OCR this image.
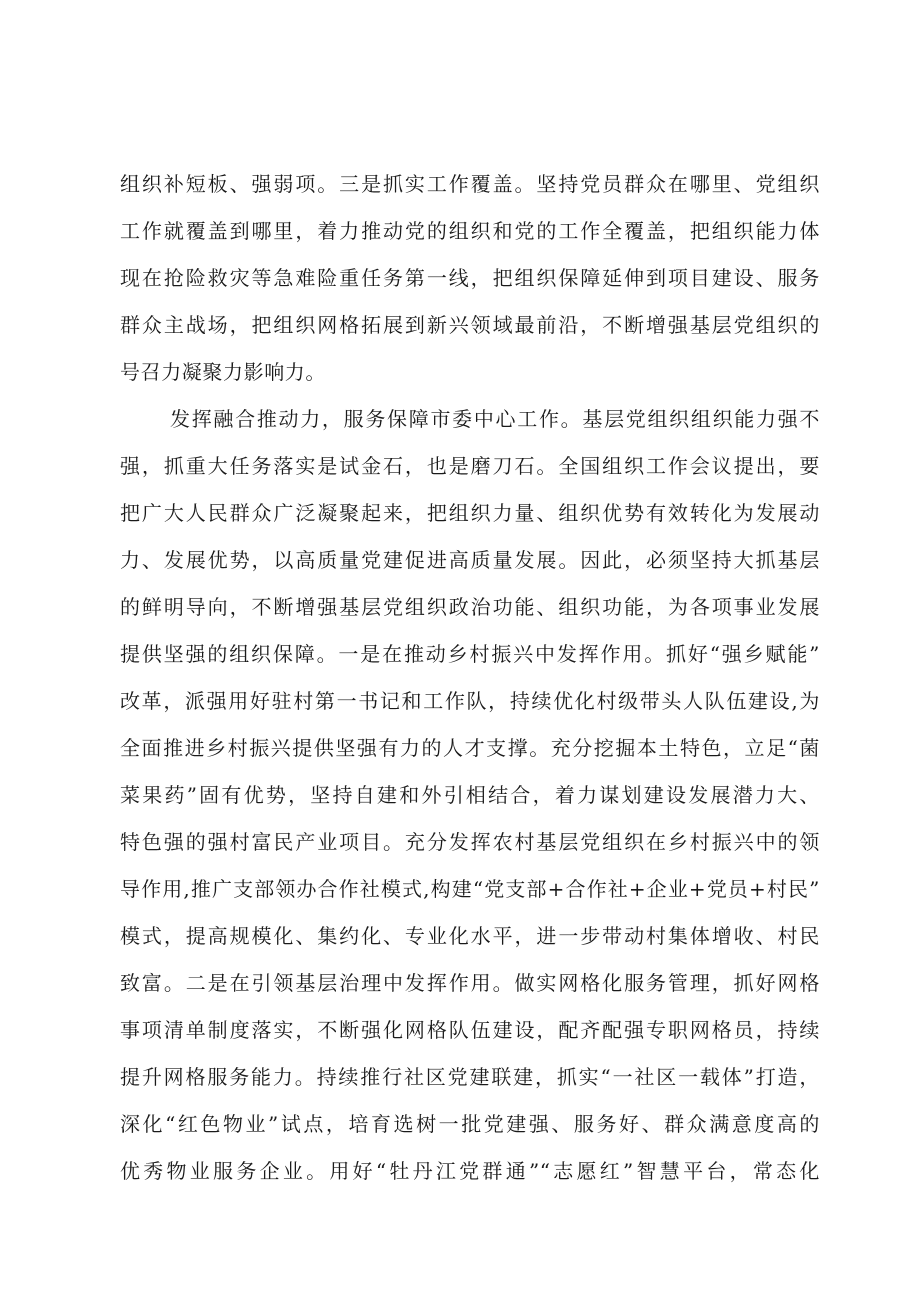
组织补短板、强弱项。三是抓实工作覆盖。坚持党员群众在哪里、党组织
工作就覆盖到哪里，着力推动党的组织和党的工作全覆盖，把组织能力体
现在抢险救灾等急难险重任务第一线，把组织保障延伸到项目建设、服务
群众主战场，把组织网格拓展到新兴领域最前沿，不断增强基层党组织的
号召力凝聚力影响力。
发挥融合推动力，服务保障市委中心工作。基层党组织组织能力强不
强，抓重大任务落实是试金石，也是磨刀石。全国组织工作会议提出，要
把广大人民群众广泛凝聚起来，把组织力量、组织优势有效转化为发展动
力、发展优势，以高质量党建促进高质量发展。因此，必须坚持大抓基层
的鲜明导向，不断增强基层党组织政治功能、组织功能，为各项事业发展
提供坚强的组织保障。一是在推动乡村振兴中发挥作用。抓好“强乡赋能”
改革，派强用好驻村第一书记和工作队，持续优化村级带头人队伍建设,为
全面推进乡村振兴提供坚强有力的人才支撑。充分挖掘本土特色，立足“菌
菜果药”固有优势，坚持自建和外引相结合，着力谋划建设发展潜力大、
特色强的强村富民产业项目。充分发挥农村基层党组织在乡村振兴中的领
导作用,推广支部领办合作社模式,构建“党支部+合作社+企业+党员+村民”
模式，提高规模化、集约化、专业化水平，进一步带动村集体增收、村民
致富。二是在引领基层治理中发挥作用。做实网格化服务管理，抓好网格
事项清单制度落实，不断强化网格队伍建设，配齐配强专职网格员，持续
提升网格服务能力。持续推行社区党建联建，抓实“一社区一载体”打造，
深化“红色物业”试点，培育选树一批党建强、服务好、群众满意度高的
优秀物业服务企业。用好“牡丹江党群通”“志愿红”智慧平台，常态化
